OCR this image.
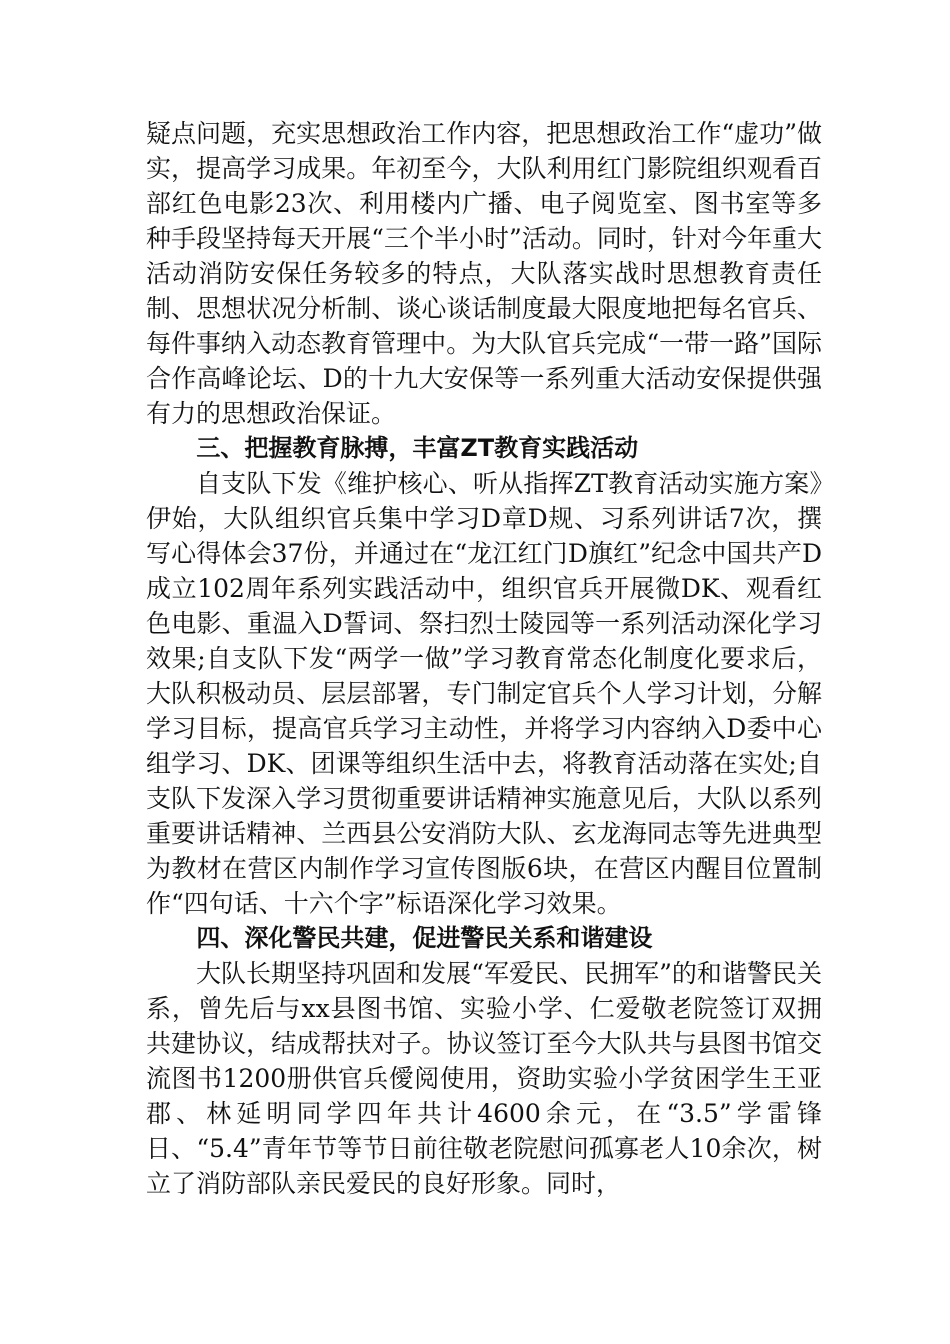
疑点问题，充实思想政治工作内容，把思想政治工作“虚功”做实，提高学习成果。年初至今，大队利用红门影院组织观看百部红色电影23次、利用楼内广播、电子阅览室、图书室等多种手段坚持每天开展“三个半小时”活动。同时，针对今年重大活动消防安保任务较多的特点，大队落实战时思想教育责任制、思想状况分析制、谈心谈话制度最大限度地把每名官兵、每件事纳入动态教育管理中。为大队官兵完成“一带一路”国际合作高峰论坛、D的十九大安保等一系列重大活动安保提供强有力的思想政治保证。

三、把握教育脉搏，丰富ZT教育实践活动

自支队下发《维护核心、听从指挥ZT教育活动实施方案》伊始，大队组织官兵集中学习D章D规、习系列讲话7次，撰写心得体会37份，并通过在“龙江红门D旗红”纪念中国共产D成立102周年系列实践活动中，组织官兵开展微DK、观看红色电影、重温入D誓词、祭扫烈士陵园等一系列活动深化学习效果;自支队下发“两学一做”学习教育常态化制度化要求后，大队积极动员、层层部署，专门制定官兵个人学习计划，分解学习目标，提高官兵学习主动性，并将学习内容纳入D委中心组学习、DK、团课等组织生活中去，将教育活动落在实处;自支队下发深入学习贯彻重要讲话精神实施意见后，大队以系列重要讲话精神、兰西县公安消防大队、玄龙海同志等先进典型为教材在营区内制作学习宣传图版6块，在营区内醒目位置制作“四句话、十六个字”标语深化学习效果。

四、深化警民共建，促进警民关系和谐建设

大队长期坚持巩固和发展“军爱民、民拥军”的和谐警民关系，曾先后与xx县图书馆、实验小学、仁爱敬老院签订双拥共建协议，结成帮扶对子。协议签订至今大队共与县图书馆交流图书1200册供官兵僾阅使用，资助实验小学贫困学生王亚郡、林延明同学四年共计4600余元，在“3.5”学雷锋日、“5.4”青年节等节日前往敬老院慰问孤寡老人10余次，树立了消防部队亲民爱民的良好形象。同时，
